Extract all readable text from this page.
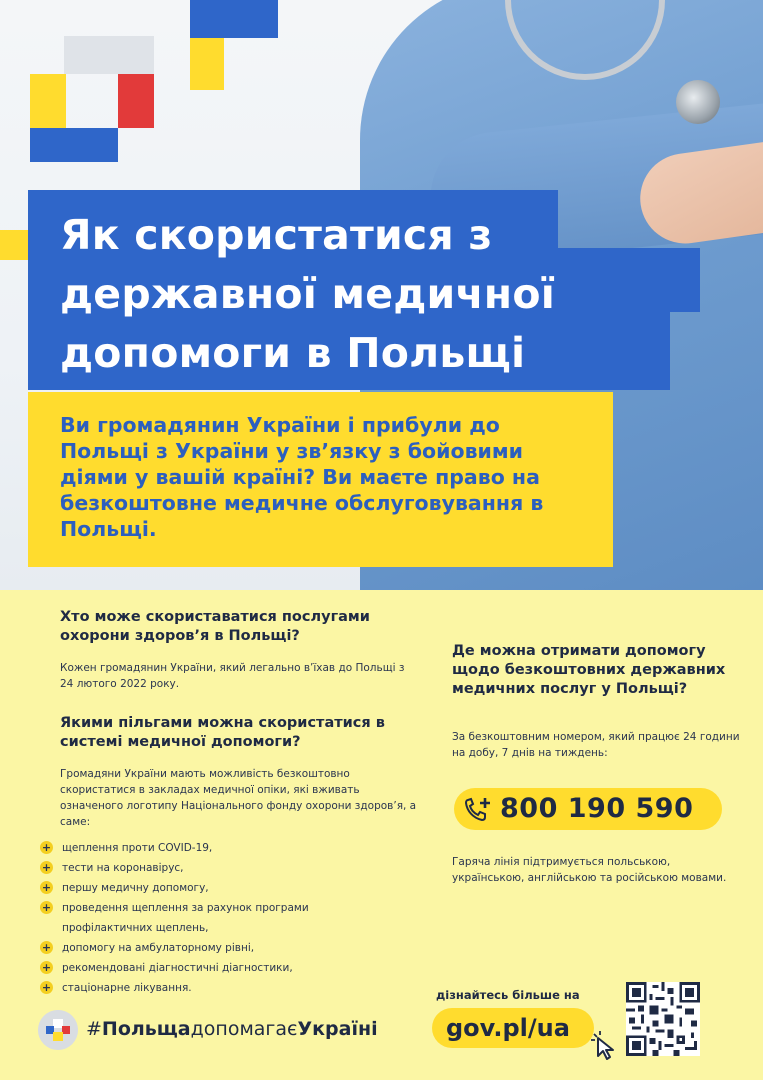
Як скористатися з державної медичної допомоги в Польщі

Ви громадянин України і прибули до Польщі з України у зв’язку з бойовими діями у вашій країні? Ви маєте право на безкоштовне медичне обслуговування в Польщі.

Хто може скориставатися послугами охорони здоров’я в Польщі?

Кожен громадянин України, який легально в’їхав до Польщі з 24 лютого 2022 року.

Якими пільгами можна скористатися в системі медичної допомоги?

Громадяни України мають можливість безкоштовно скористатися в закладах медичної опіки, які вживать означеного логотипу Національного фонду охорони здоров’я, а саме:

+ щеплення проти COVID-19,
+ тести на коронавірус,
+ першу медичну допомогу,
+ проведення щеплення за рахунок програми
профілактичних щеплень,
+ допомогу на амбулаторному рівні,
+ рекомендовані діагностичні діагностики,
+ стаціонарне лікування.
Де можна отримати допомогу щодо безкоштовних державних медичних послуг у Польщі?

За безкоштовним номером, який працює 24 години на добу, 7 днів на тиждень:

800 190 590

Гаряча лінія підтримується польською, українською, англійською та російською мовами.

дізнайтесь більше на
gov.pl/ua
#ПольщадопомагаєУкраїні
